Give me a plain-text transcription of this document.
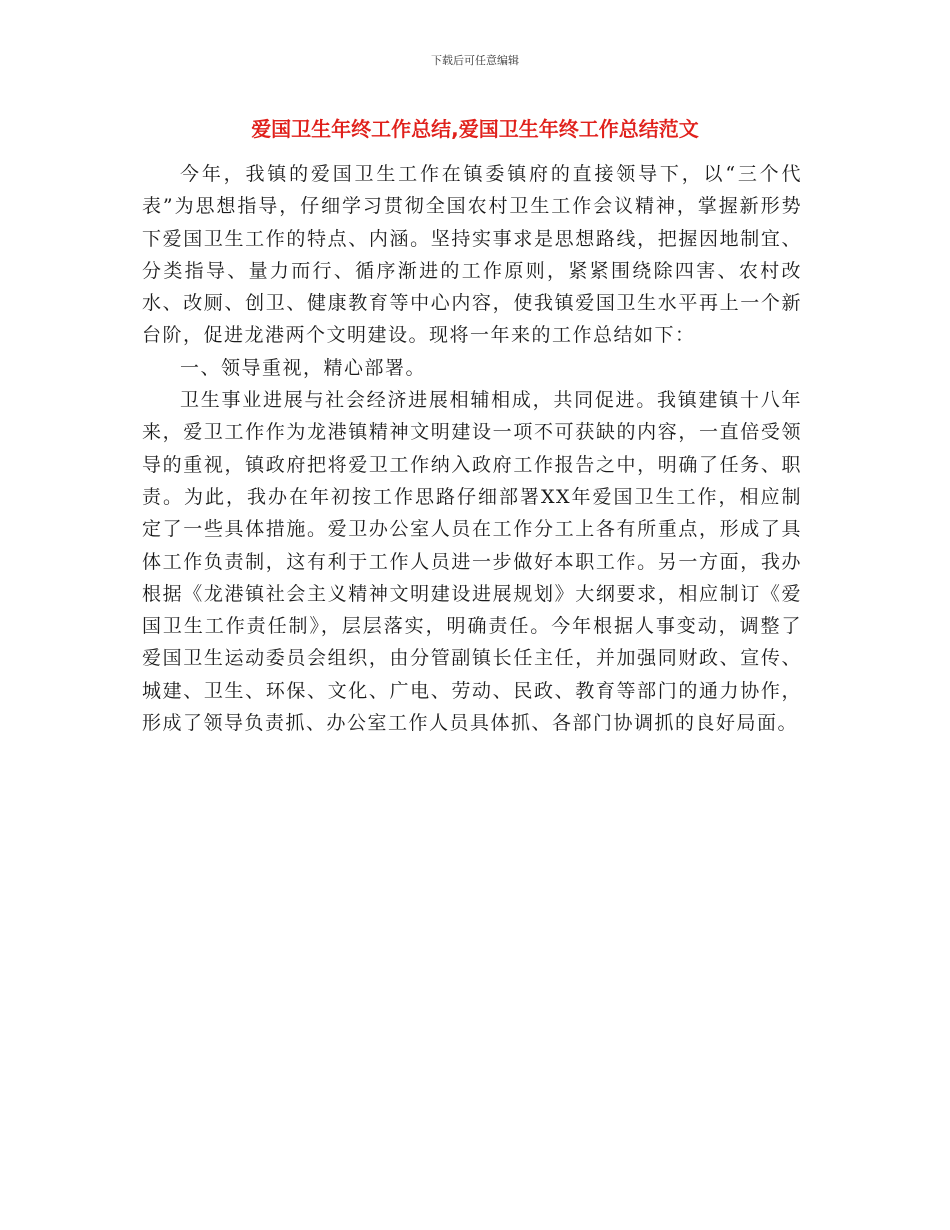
下载后可任意编辑
爱国卫生年终工作总结,爱国卫生年终工作总结范文

今年，我镇的爱国卫生工作在镇委镇府的直接领导下，以“三个代表”为思想指导，仔细学习贯彻全国农村卫生工作会议精神，掌握新形势下爱国卫生工作的特点、内涵。坚持实事求是思想路线，把握因地制宜、分类指导、量力而行、循序渐进的工作原则，紧紧围绕除四害、农村改水、改厕、创卫、健康教育等中心内容，使我镇爱国卫生水平再上一个新台阶，促进龙港两个文明建设。现将一年来的工作总结如下：

一、领导重视，精心部署。

卫生事业进展与社会经济进展相辅相成，共同促进。我镇建镇十八年来，爱卫工作作为龙港镇精神文明建设一项不可获缺的内容，一直倍受领导的重视，镇政府把将爱卫工作纳入政府工作报告之中，明确了任务、职责。为此，我办在年初按工作思路仔细部署XX年爱国卫生工作，相应制定了一些具体措施。爱卫办公室人员在工作分工上各有所重点，形成了具体工作负责制，这有利于工作人员进一步做好本职工作。另一方面，我办根据《龙港镇社会主义精神文明建设进展规划》大纲要求，相应制订《爱国卫生工作责任制》，层层落实，明确责任。今年根据人事变动，调整了爱国卫生运动委员会组织，由分管副镇长任主任，并加强同财政、宣传、城建、卫生、环保、文化、广电、劳动、民政、教育等部门的通力协作，形成了领导负责抓、办公室工作人员具体抓、各部门协调抓的良好局面。
